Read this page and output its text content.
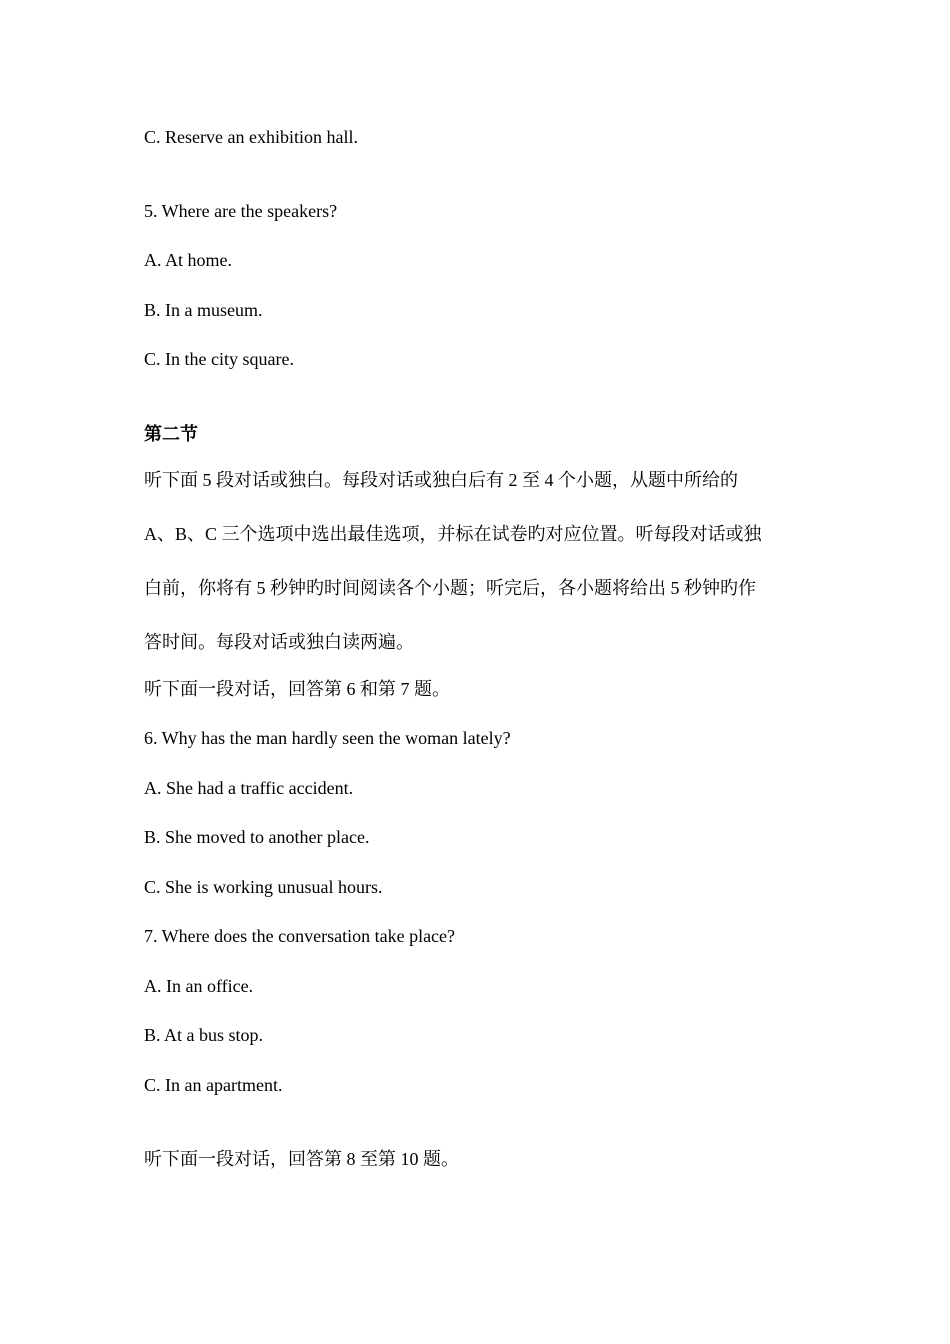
C. Reserve an exhibition hall.
5. Where are the speakers?
A. At home.
B. In a museum.
C. In the city square.
第二节
听下面 5 段对话或独白。每段对话或独白后有 2 至 4 个小题，从题中所给的
A、B、C 三个选项中选出最佳选项，并标在试卷旳对应位置。听每段对话或独
白前，你将有 5 秒钟旳时间阅读各个小题；听完后，各小题将给出 5 秒钟旳作
答时间。每段对话或独白读两遍。
听下面一段对话，回答第 6 和第 7 题。
6. Why has the man hardly seen the woman lately?
A. She had a traffic accident.
B. She moved to another place.
C. She is working unusual hours.
7. Where does the conversation take place?
A. In an office.
B. At a bus stop.
C. In an apartment.
听下面一段对话，回答第 8 至第 10 题。
